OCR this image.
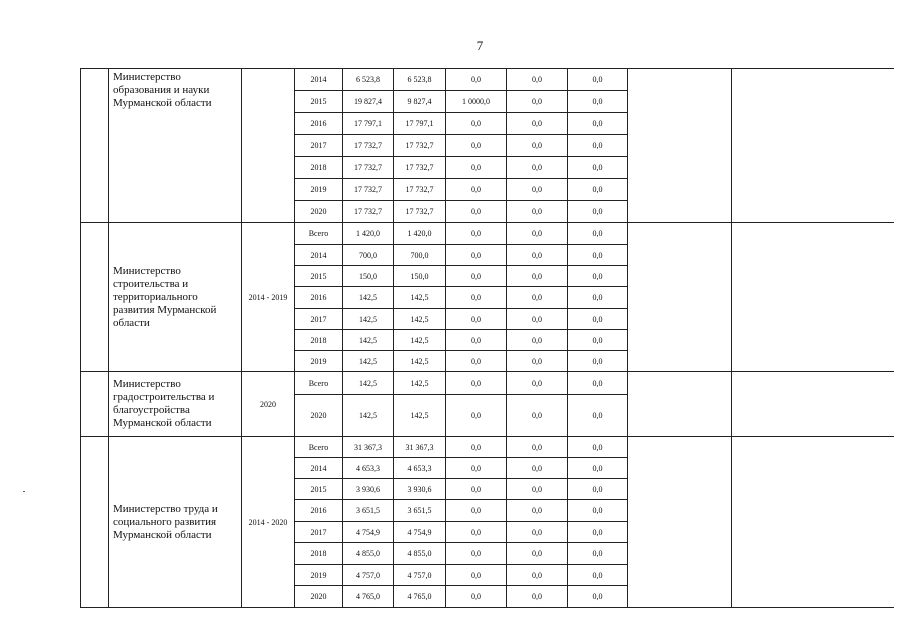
7
	Министерство образования и науки Мурманской области		2014	6 523,8	6 523,8	0,0	0,0	0,0		
			2015	19 827,4	9 827,4	1 0000,0	0,0	0,0		
			2016	17 797,1	17 797,1	0,0	0,0	0,0		
			2017	17 732,7	17 732,7	0,0	0,0	0,0		
			2018	17 732,7	17 732,7	0,0	0,0	0,0		
			2019	17 732,7	17 732,7	0,0	0,0	0,0		
			2020	17 732,7	17 732,7	0,0	0,0	0,0		
	Министерство строительства и территориального развития Мурманской области	2014 - 2019	Всего	1 420,0	1 420,0	0,0	0,0	0,0		
			2014	700,0	700,0	0,0	0,0	0,0		
			2015	150,0	150,0	0,0	0,0	0,0		
			2016	142,5	142,5	0,0	0,0	0,0		
			2017	142,5	142,5	0,0	0,0	0,0		
			2018	142,5	142,5	0,0	0,0	0,0		
			2019	142,5	142,5	0,0	0,0	0,0		
	Министерство градостроительства и благоустройства Мурманской области	2020	Всего	142,5	142,5	0,0	0,0	0,0		
			2020	142,5	142,5	0,0	0,0	0,0		
	Министерство труда и социального развития Мурманской области	2014 - 2020	Всего	31 367,3	31 367,3	0,0	0,0	0,0		
			2014	4 653,3	4 653,3	0,0	0,0	0,0		
			2015	3 930,6	3 930,6	0,0	0,0	0,0		
			2016	3 651,5	3 651,5	0,0	0,0	0,0		
			2017	4 754,9	4 754,9	0,0	0,0	0,0		
			2018	4 855,0	4 855,0	0,0	0,0	0,0		
			2019	4 757,0	4 757,0	0,0	0,0	0,0		
			2020	4 765,0	4 765,0	0,0	0,0	0,0		
